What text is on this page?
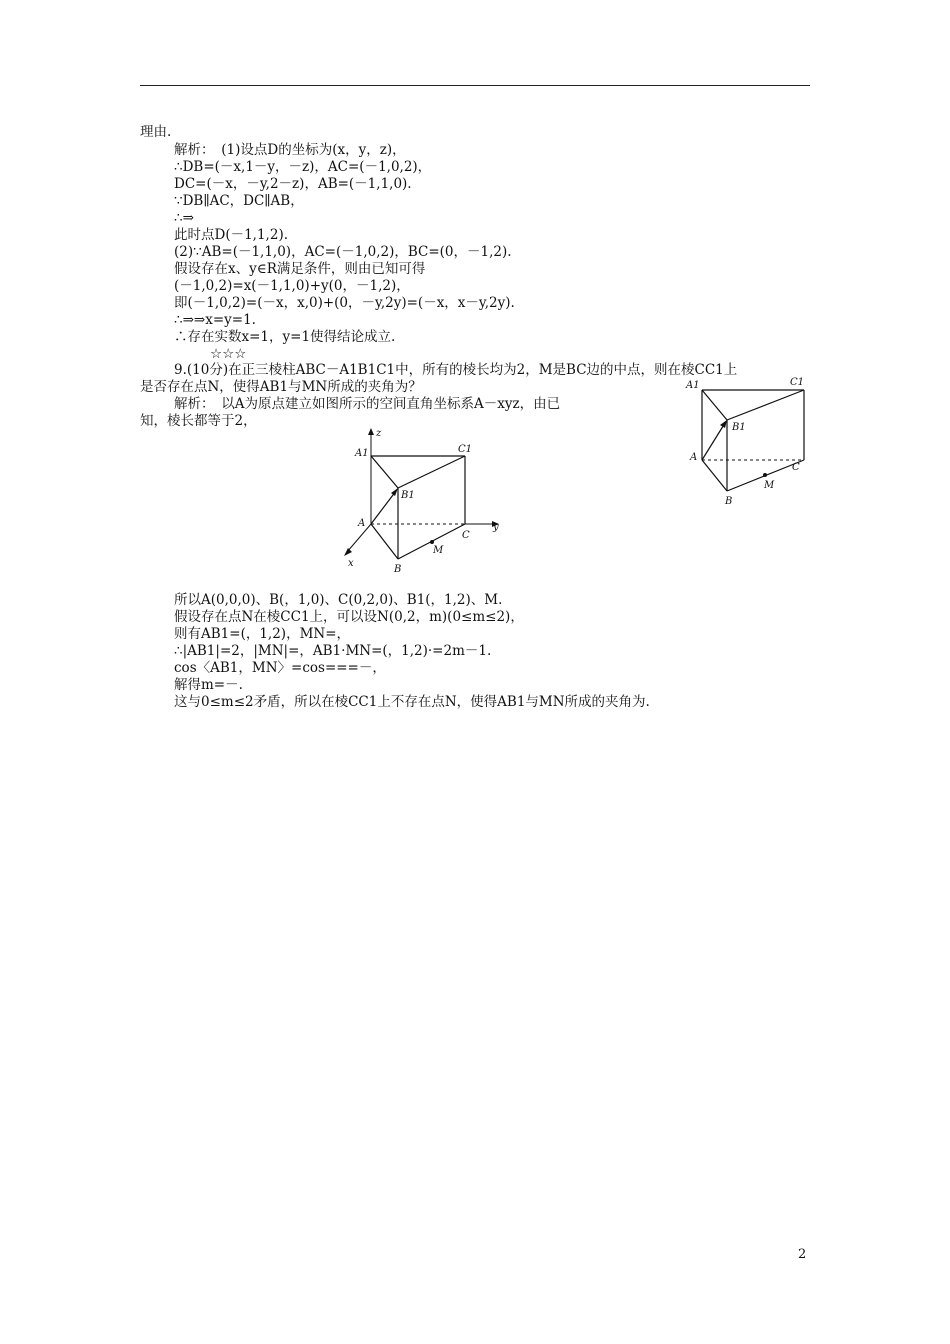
理由.
解析：　(1)设点D的坐标为(x，y，z)，
∴DB=(－x,1－y，－z)，AC=(－1,0,2)，
DC=(－x，－y,2－z)，AB=(－1,1,0).
∵DB∥AC，DC∥AB，
∴⇒
此时点D(－1,1,2).
(2)∵AB=(－1,1,0)，AC=(－1,0,2)，BC=(0，－1,2).
假设存在x、y∈R满足条件，则由已知可得
(－1,0,2)=x(－1,1,0)+y(0，－1,2)，
即(－1,0,2)=(－x，x,0)+(0，－y,2y)=(－x，x－y,2y).
∴⇒⇒x=y=1.
∴存在实数x=1，y=1使得结论成立.
☆☆☆
9.(10分)在正三棱柱ABC－A1B1C1中，所有的棱长均为2，M是BC边的中点，则在棱CC1上
是否存在点N，使得AB1与MN所成的夹角为？
解析：　以A为原点建立如图所示的空间直角坐标系A－xyz，由已
知，棱长都等于2，
A1	C1
B1
A
C
M
B
z
A1	C1
B1
A	y
C
M
x
B
所以A(0,0,0)、B(，1,0)、C(0,2,0)、B1(，1,2)、M.
假设存在点N在棱CC1上，可以设N(0,2，m)(0≤m≤2)，
则有AB1=(，1,2)，MN=，
∴|AB1|=2，|MN|=，AB1·MN=(，1,2)·=2m－1.
cos〈AB1，MN〉=cos===－，
解得m=－.
这与0≤m≤2矛盾，所以在棱CC1上不存在点N，使得AB1与MN所成的夹角为.
2
